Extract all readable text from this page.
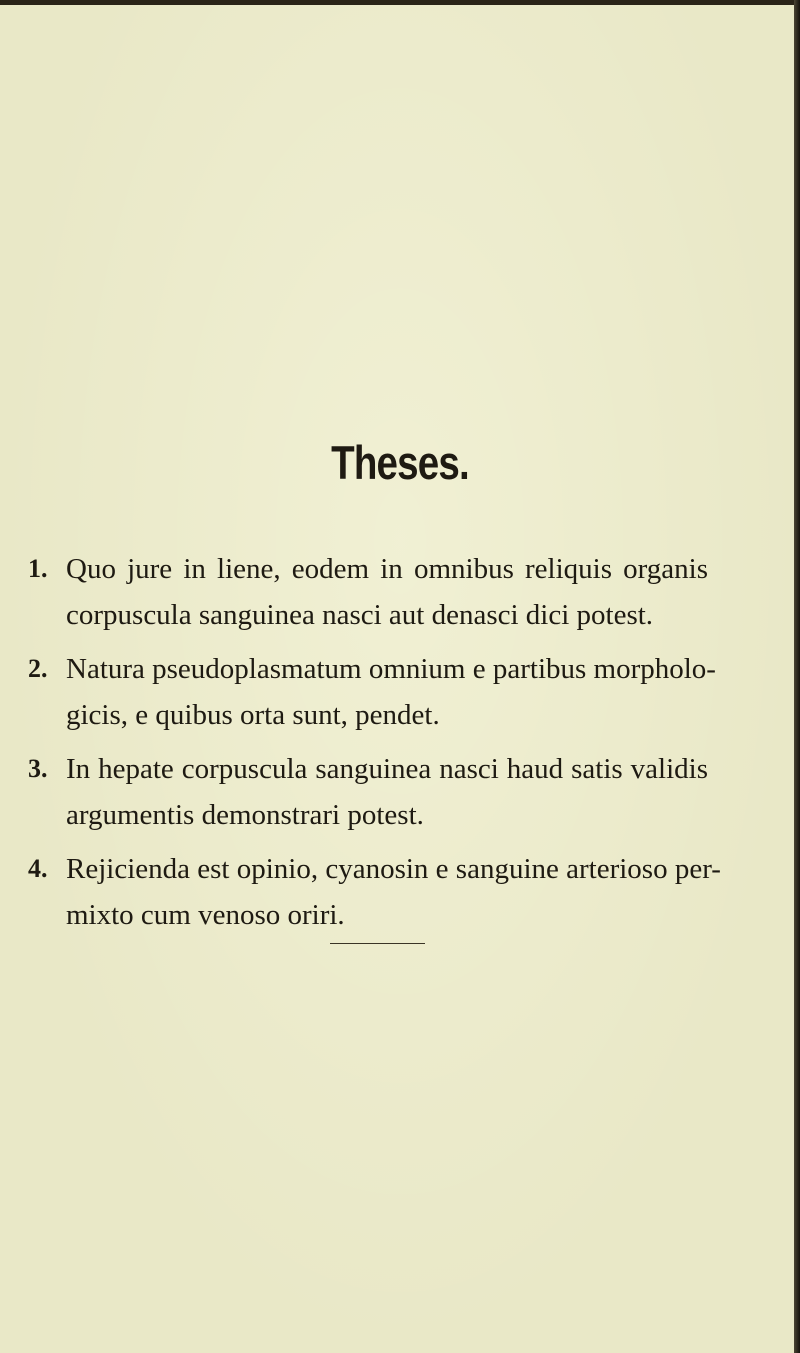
Theses.
1. Quo jure in liene, eodem in omnibus reliquis organis
corpuscula sanguinea nasci aut denasci dici potest.
2. Natura pseudoplasmatum omnium e partibus morpholo-
gicis, e quibus orta sunt, pendet.
3. In hepate corpuscula sanguinea nasci haud satis validis
argumentis demonstrari potest.
4. Rejicienda est opinio, cyanosin e sanguine arterioso per-
mixto cum venoso oriri.
